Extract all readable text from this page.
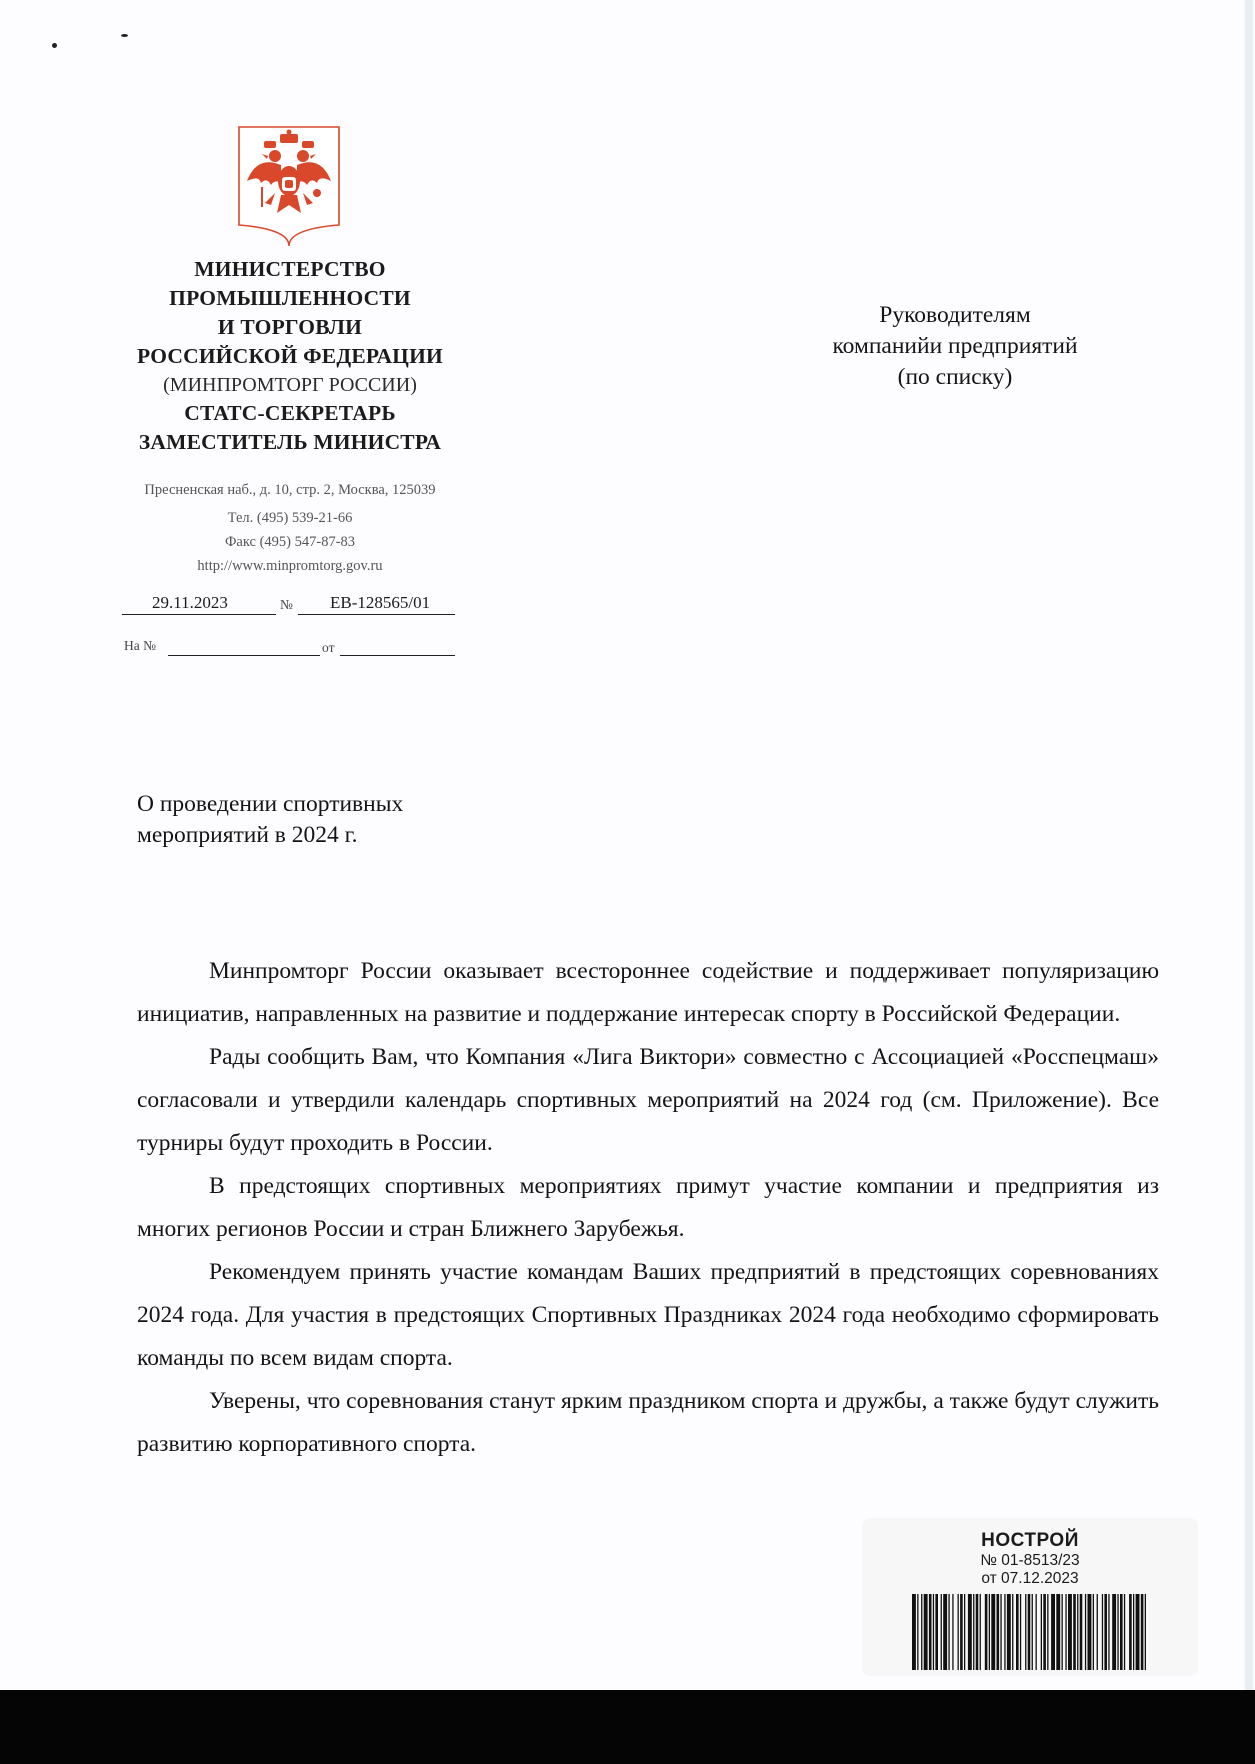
МИНИСТЕРСТВО
ПРОМЫШЛЕННОСТИ
И ТОРГОВЛИ
РОССИЙСКОЙ ФЕДЕРАЦИИ
(МИНПРОМТОРГ РОССИИ)
СТАТС-СЕКРЕТАРЬ
ЗАМЕСТИТЕЛЬ МИНИСТРА
Пресненская наб., д. 10, стр. 2, Москва, 125039
Тел. (495) 539-21-66
Факс (495) 547-87-83
http://www.minpromtorg.gov.ru
29.11.2023	№ ЕВ-128565/01
На №	от
Руководителям
компанийи предприятий
(по списку)
О проведении спортивных
мероприятий в 2024 г.

Минпромторг России оказывает всестороннее содействие и поддерживает популяризацию инициатив, направленных на развитие и поддержание интересак спорту в Российской Федерации.

Рады сообщить Вам, что Компания «Лига Виктори» совместно с Ассоциацией «Росспецмаш» согласовали и утвердили календарь спортивных мероприятий на 2024 год (см. Приложение). Все турниры будут проходить в России.

В предстоящих спортивных мероприятиях примут участие компании и предприятия из многих регионов России и стран Ближнего Зарубежья.

Рекомендуем принять участие командам Ваших предприятий в предстоящих соревнованиях 2024 года. Для участия в предстоящих Спортивных Праздниках 2024 года необходимо сформировать команды по всем видам спорта.

Уверены, что соревнования станут ярким праздником спорта и дружбы, а также будут служить развитию корпоративного спорта.

НОСТРОЙ
№ 01-8513/23
от 07.12.2023
